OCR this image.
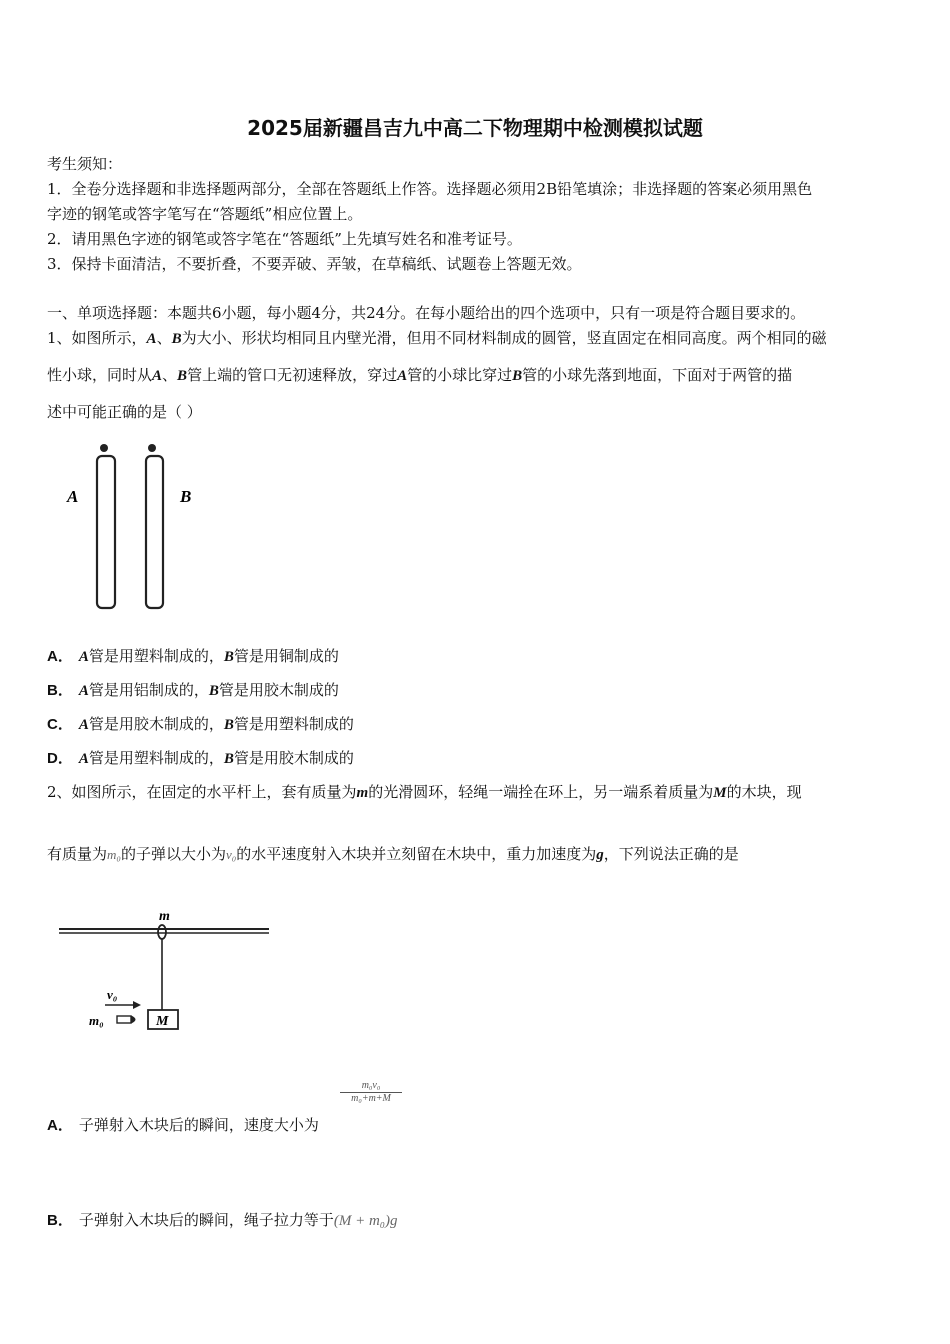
2025届新疆昌吉九中高二下物理期中检测模拟试题
考生须知：
1．全卷分选择题和非选择题两部分，全部在答题纸上作答。选择题必须用2B铅笔填涂；非选择题的答案必须用黑色
字迹的钢笔或答字笔写在“答题纸”相应位置上。
2．请用黑色字迹的钢笔或答字笔在“答题纸”上先填写姓名和准考证号。
3．保持卡面清洁，不要折叠，不要弄破、弄皱，在草稿纸、试题卷上答题无效。
一、单项选择题：本题共6小题，每小题4分，共24分。在每小题给出的四个选项中，只有一项是符合题目要求的。
1、如图所示，A、B为大小、形状均相同且内壁光滑，但用不同材料制成的圆管，竖直固定在相同高度。两个相同的磁
性小球，同时从A、B管上端的管口无初速释放，穿过A管的小球比穿过B管的小球先落到地面，下面对于两管的描
述中可能正确的是（ ）
A	B
A． A管是用塑料制成的，B管是用铜制成的
B． A管是用铝制成的，B管是用胶木制成的
C． A管是用胶木制成的，B管是用塑料制成的
D． A管是用塑料制成的，B管是用胶木制成的
2、如图所示，在固定的水平杆上，套有质量为m的光滑圆环，轻绳一端拴在环上，另一端系着质量为M的木块，现
有质量为m₀的子弹以大小为v₀的水平速度射入木块并立刻留在木块中，重力加速度为g，下列说法正确的是
m
M
v₀
m₀
$\frac{\text{m₀v₀}}{\text{m₀+m+M}}$
A． 子弹射入木块后的瞬间，速度大小为
B． 子弹射入木块后的瞬间，绳子拉力等于(M + m₀)g
